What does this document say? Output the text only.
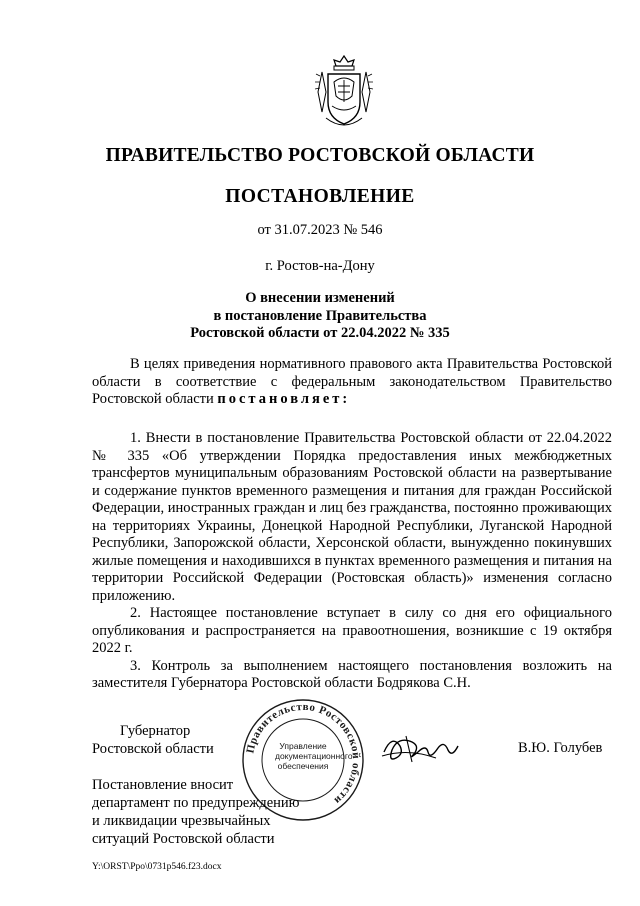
ПРАВИТЕЛЬСТВО РОСТОВСКОЙ ОБЛАСТИ
ПОСТАНОВЛЕНИЕ
от 31.07.2023 № 546
г. Ростов-на-Дону
О внесении изменений
в постановление Правительства
Ростовской области от 22.04.2022 № 335

В целях приведения нормативного правового акта Правительства Ростовской области в соответствие с федеральным законодательством Правительство Ростовской области постановляет:

1. Внести в постановление Правительства Ростовской области от 22.04.2022 № 335 «Об утверждении Порядка предоставления иных межбюджетных трансфертов муниципальным образованиям Ростовской области на развертывание и содержание пунктов временного размещения и питания для граждан Российской Федерации, иностранных граждан и лиц без гражданства, постоянно проживающих на территориях Украины, Донецкой Народной Республики, Луганской Народной Республики, Запорожской области, Херсонской области, вынужденно покинувших жилые помещения и находившихся в пунктах временного размещения и питания на территории Российской Федерации (Ростовская область)» изменения согласно приложению.

2. Настоящее постановление вступает в силу со дня его официального опубликования и распространяется на правоотношения, возникшие с 19 октября 2022 г.

3. Контроль за выполнением настоящего постановления возложить на заместителя Губернатора Ростовской области Бодрякова С.Н.

Губернатор
Ростовской области	Правительство Ростовской области
Управление
документационного
обеспечения
В.Ю. Голубев
Постановление вносит
департамент по предупреждению
и ликвидации чрезвычайных
ситуаций Ростовской области
Y:\ORST\Ppo\0731p546.f23.docx
